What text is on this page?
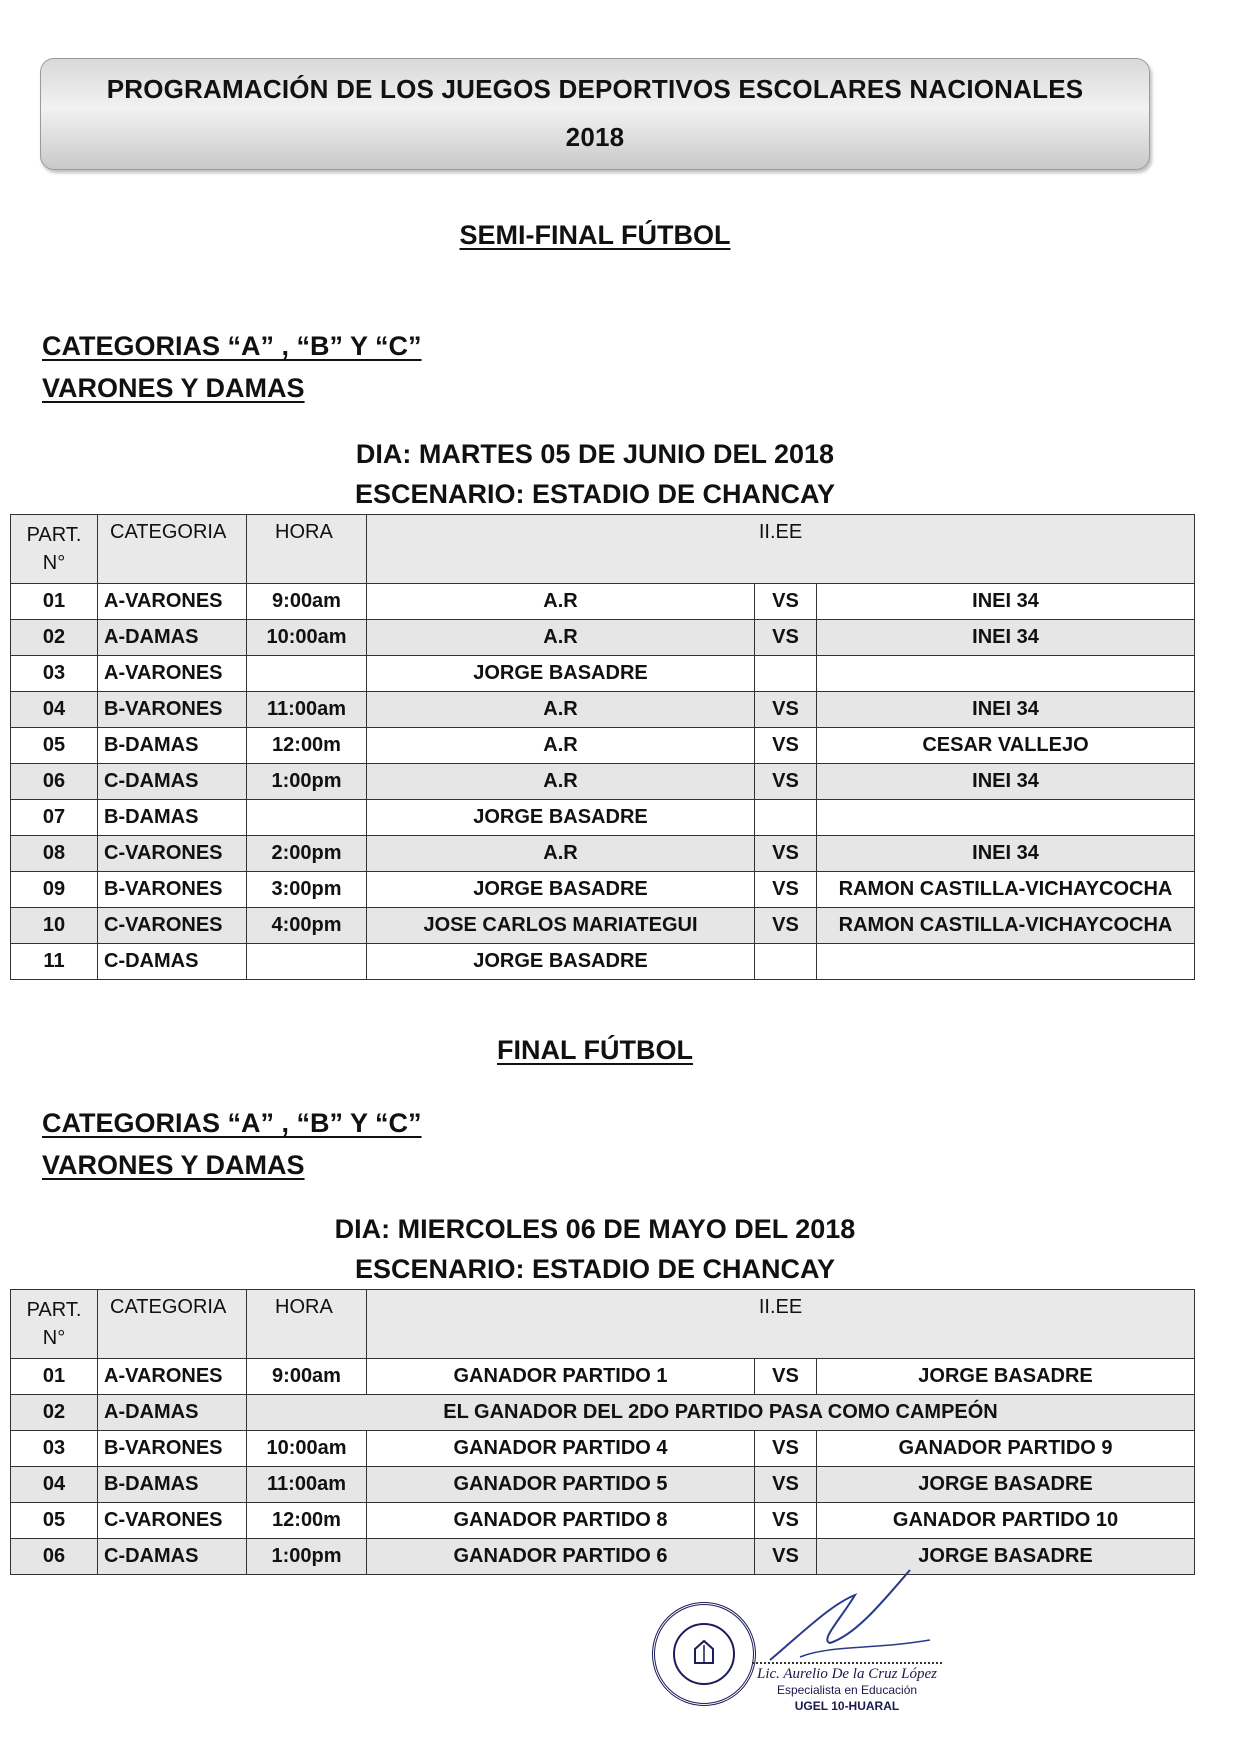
PROGRAMACIÓN DE LOS JUEGOS DEPORTIVOS ESCOLARES NACIONALES
2018
SEMI-FINAL FÚTBOL
CATEGORIAS “A” , “B” Y “C”
VARONES Y DAMAS
DIA: MARTES 05 DE JUNIO DEL 2018
ESCENARIO: ESTADIO DE CHANCAY
PART.
N°	CATEGORIA	HORA	II.EE		
01	A-VARONES	9:00am	A.R	VS	INEI 34
02	A-DAMAS	10:00am	A.R	VS	INEI 34
03	A-VARONES		JORGE BASADRE		
04	B-VARONES	11:00am	A.R	VS	INEI 34
05	B-DAMAS	12:00m	A.R	VS	CESAR VALLEJO
06	C-DAMAS	1:00pm	A.R	VS	INEI 34
07	B-DAMAS		JORGE BASADRE		
08	C-VARONES	2:00pm	A.R	VS	INEI 34
09	B-VARONES	3:00pm	JORGE BASADRE	VS	RAMON CASTILLA-VICHAYCOCHA
10	C-VARONES	4:00pm	JOSE CARLOS MARIATEGUI	VS	RAMON CASTILLA-VICHAYCOCHA
11	C-DAMAS		JORGE BASADRE		
FINAL FÚTBOL
CATEGORIAS “A” , “B” Y “C”
VARONES Y DAMAS
DIA: MIERCOLES 06 DE MAYO DEL 2018
ESCENARIO: ESTADIO DE CHANCAY
PART.
N°	CATEGORIA	HORA	II.EE		
01	A-VARONES	9:00am	GANADOR PARTIDO 1	VS	JORGE BASADRE
02	A-DAMAS	EL GANADOR DEL 2DO PARTIDO PASA COMO CAMPEÓN			
03	B-VARONES	10:00am	GANADOR PARTIDO 4	VS	GANADOR PARTIDO 9
04	B-DAMAS	11:00am	GANADOR PARTIDO 5	VS	JORGE BASADRE
05	C-VARONES	12:00m	GANADOR PARTIDO 8	VS	GANADOR PARTIDO 10
06	C-DAMAS	1:00pm	GANADOR PARTIDO 6	VS	JORGE BASADRE
Lic. Aurelio De la Cruz López
Especialista en Educación
UGEL 10-HUARAL
